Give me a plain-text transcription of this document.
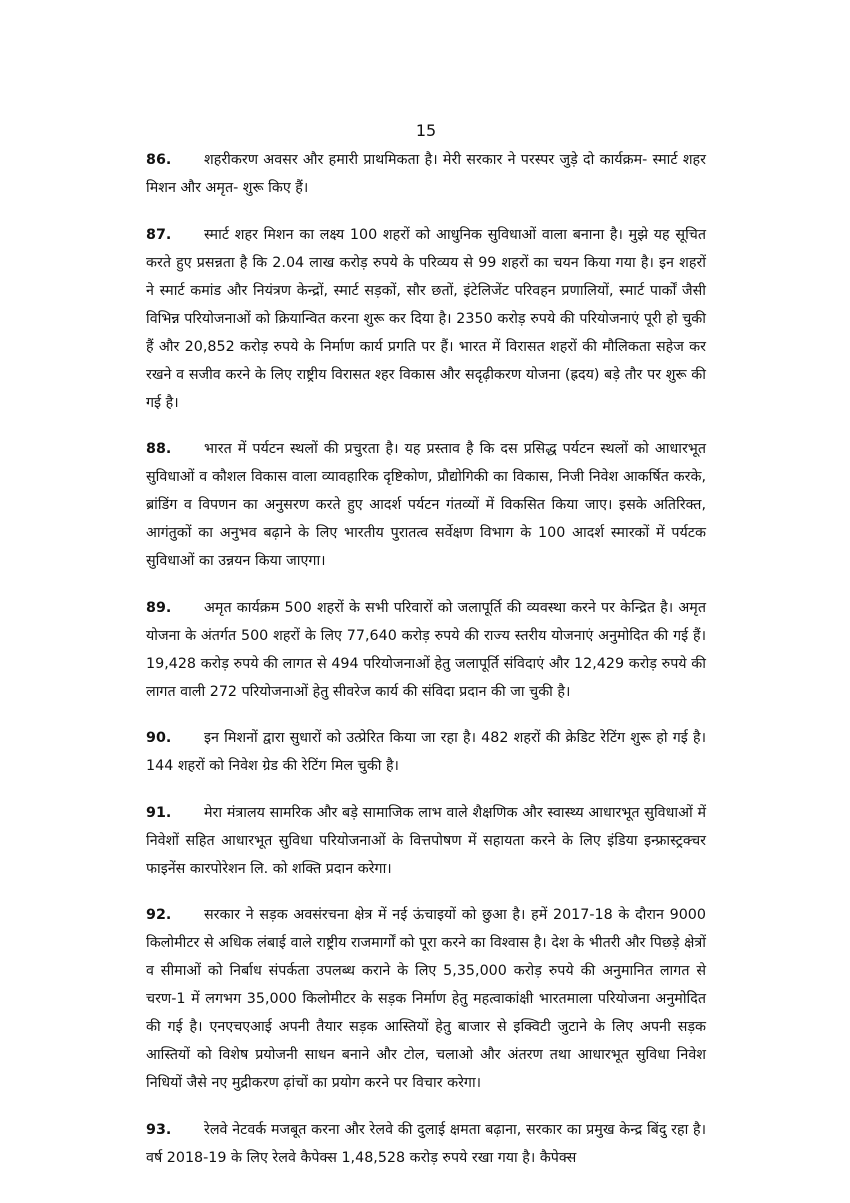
15

86. शहरीकरण अवसर और हमारी प्राथमिकता है। मेरी सरकार ने परस्पर जुड़े दो कार्यक्रम- स्मार्ट शहर मिशन और अमृत- शुरू किए हैं।

87. स्मार्ट शहर मिशन का लक्ष्य 100 शहरों को आधुनिक सुविधाओं वाला बनाना है। मुझे यह सूचित करते हुए प्रसन्नता है कि 2.04 लाख करोड़ रुपये के परिव्यय से 99 शहरों का चयन किया गया है। इन शहरों ने स्मार्ट कमांड और नियंत्रण केन्द्रों, स्मार्ट सड़कों, सौर छतों, इंटेलिजेंट परिवहन प्रणालियों, स्मार्ट पार्कों जैसी विभिन्न परियोजनाओं को क्रियान्वित करना शुरू कर दिया है। 2350 करोड़ रुपये की परियोजनाएं पूरी हो चुकी हैं और 20,852 करोड़ रुपये के निर्माण कार्य प्रगति पर हैं। भारत में विरासत शहरों की मौलिकता सहेज कर रखने व सजीव करने के लिए राष्ट्रीय विरासत श्हर विकास और सदृढ़ीकरण योजना (ह्रदय) बड़े तौर पर शुरू की गई है।

88. भारत में पर्यटन स्थलों की प्रचुरता है। यह प्रस्ताव है कि दस प्रसिद्ध पर्यटन स्थलों को आधारभूत सुविधाओं व कौशल विकास वाला व्यावहारिक दृष्टिकोण, प्रौद्योगिकी का विकास, निजी निवेश आकर्षित करके, ब्रांडिंग व विपणन का अनुसरण करते हुए आदर्श पर्यटन गंतव्यों में विकसित किया जाए। इसके अतिरिक्त, आगंतुकों का अनुभव बढ़ाने के लिए भारतीय पुरातत्व सर्वेक्षण विभाग के 100 आदर्श स्मारकों में पर्यटक सुविधाओं का उन्नयन किया जाएगा।

89. अमृत कार्यक्रम 500 शहरों के सभी परिवारों को जलापूर्ति की व्यवस्था करने पर केन्द्रित है। अमृत योजना के अंतर्गत 500 शहरों के लिए 77,640 करोड़ रुपये की राज्य स्तरीय योजनाएं अनुमोदित की गई हैं। 19,428 करोड़ रुपये की लागत से 494 परियोजनाओं हेतु जलापूर्ति संविदाएं और 12,429 करोड़ रुपये की लागत वाली 272 परियोजनाओं हेतु सीवरेज कार्य की संविदा प्रदान की जा चुकी है।

90. इन मिशनों द्वारा सुधारों को उत्प्रेरित किया जा रहा है। 482 शहरों की क्रेडिट रेटिंग शुरू हो गई है। 144 शहरों को निवेश ग्रेड की रेटिंग मिल चुकी है।

91. मेरा मंत्रालय सामरिक और बड़े सामाजिक लाभ वाले शैक्षणिक और स्वास्थ्य आधारभूत सुविधाओं में निवेशों सहित आधारभूत सुविधा परियोजनाओं के वित्तपोषण में सहायता करने के लिए इंडिया इन्फ्रास्ट्रक्चर फाइनेंस कारपोरेशन लि. को शक्ति प्रदान करेगा।

92. सरकार ने सड़क अवसंरचना क्षेत्र में नई ऊंचाइयों को छुआ है। हमें 2017-18 के दौरान 9000 किलोमीटर से अधिक लंबाई वाले राष्ट्रीय राजमार्गों को पूरा करने का विश्वास है। देश के भीतरी और पिछड़े क्षेत्रों व सीमाओं को निर्बाध संपर्कता उपलब्ध कराने के लिए 5,35,000 करोड़ रुपये की अनुमानित लागत से चरण-1 में लगभग 35,000 किलोमीटर के सड़क निर्माण हेतु महत्वाकांक्षी भारतमाला परियोजना अनुमोदित की गई है। एनएचएआई अपनी तैयार सड़क आस्तियों हेतु बाजार से इक्विटी जुटाने के लिए अपनी सड़क आस्तियों को विशेष प्रयोजनी साधन बनाने और टोल, चलाओ और अंतरण तथा आधारभूत सुविधा निवेश निधियों जैसे नए मुद्रीकरण ढ़ांचों का प्रयोग करने पर विचार करेगा।

93. रेलवे नेटवर्क मजबूत करना और रेलवे की दुलाई क्षमता बढ़ाना, सरकार का प्रमुख केन्द्र बिंदु रहा है। वर्ष 2018-19 के लिए रेलवे कैपेक्स 1,48,528 करोड़ रुपये रखा गया है। कैपेक्स
